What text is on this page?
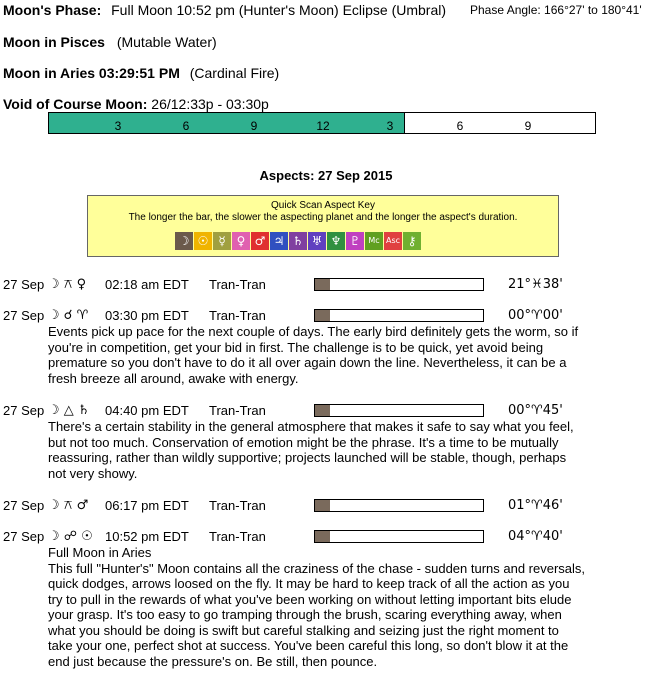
Moon's Phase: Full Moon 10:52 pm (Hunter's Moon) Eclipse (Umbral) Phase Angle: 166°27' to 180°41'
Moon in Pisces (Mutable Water)
Moon in Aries 03:29:51 PM (Cardinal Fire)
Void of Course Moon: 26/12:33p - 03:30p
3	6	9	12	3	6	9
Aspects: 27 Sep 2015
Quick Scan Aspect Key
The longer the bar, the slower the aspecting planet and the longer the aspect's duration.
☽ ☉ ☿ ♀ ♂ ♃ ♄ ♅ ♆ ♇ Mc Asc ⚷
27 Sep ☽ ⚻ ♀ 02:18 am EDT Tran-Tran	21°♓38'
27 Sep ☽ ☌ ♈ 03:30 pm EDT Tran-Tran	00°♈00'
Events pick up pace for the next couple of days. The early bird definitely gets the worm, so if
you're in competition, get your bid in first. The challenge is to be quick, yet avoid being
premature so you don't have to do it all over again down the line. Nevertheless, it can be a
fresh breeze all around, awake with energy.
27 Sep ☽ △ ♄ 04:40 pm EDT Tran-Tran	00°♈45'
There's a certain stability in the general atmosphere that makes it safe to say what you feel,
but not too much. Conservation of emotion might be the phrase. It's a time to be mutually
reassuring, rather than wildly supportive; projects launched will be stable, though, perhaps
not very showy.
27 Sep ☽ ⚻ ♂ 06:17 pm EDT Tran-Tran	01°♈46'
27 Sep ☽ ☍ ☉ 10:52 pm EDT Tran-Tran	04°♈40'
Full Moon in Aries
This full "Hunter's" Moon contains all the craziness of the chase - sudden turns and reversals,
quick dodges, arrows loosed on the fly. It may be hard to keep track of all the action as you
try to pull in the rewards of what you've been working on without letting important bits elude
your grasp. It's too easy to go tramping through the brush, scaring everything away, when
what you should be doing is swift but careful stalking and seizing just the right moment to
take your one, perfect shot at success. You've been careful this long, so don't blow it at the
end just because the pressure's on. Be still, then pounce.
